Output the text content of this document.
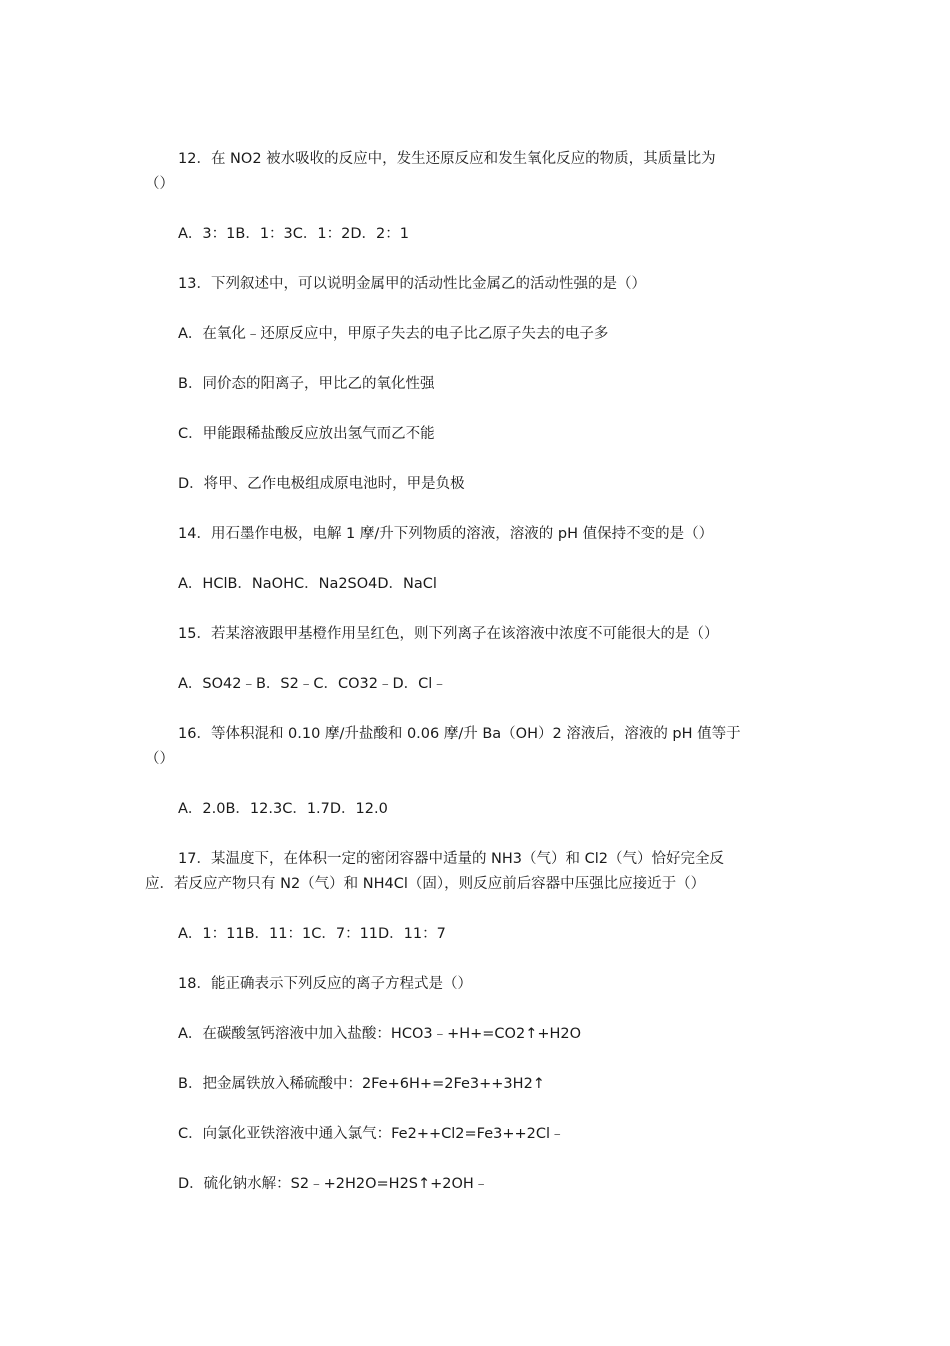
12．在 NO2 被水吸收的反应中，发生还原反应和发生氧化反应的物质，其质量比为
（）
A．3：1B．1：3C．1：2D．2：1
13．下列叙述中，可以说明金属甲的活动性比金属乙的活动性强的是（）
A．在氧化﹣还原反应中，甲原子失去的电子比乙原子失去的电子多
B．同价态的阳离子，甲比乙的氧化性强
C．甲能跟稀盐酸反应放出氢气而乙不能
D．将甲、乙作电极组成原电池时，甲是负极
14．用石墨作电极，电解 1 摩/升下列物质的溶液，溶液的 pH 值保持不变的是（）
A．HClB．NaOHC．Na2SO4D．NaCl
15．若某溶液跟甲基橙作用呈红色，则下列离子在该溶液中浓度不可能很大的是（）
A．SO42﹣B．S2﹣C．CO32﹣D．Cl﹣
16．等体积混和 0.10 摩/升盐酸和 0.06 摩/升 Ba（OH）2 溶液后，溶液的 pH 值等于
（）
A．2.0B．12.3C．1.7D．12.0
17．某温度下，在体积一定的密闭容器中适量的 NH3（气）和 Cl2（气）恰好完全反
应．若反应产物只有 N2（气）和 NH4Cl（固），则反应前后容器中压强比应接近于（）
A．1：11B．11：1C．7：11D．11：7
18．能正确表示下列反应的离子方程式是（）
A．在碳酸氢钙溶液中加入盐酸：HCO3﹣+H+=CO2↑+H2O
B．把金属铁放入稀硫酸中：2Fe+6H+=2Fe3++3H2↑
C．向氯化亚铁溶液中通入氯气：Fe2++Cl2=Fe3++2Cl﹣
D．硫化钠水解：S2﹣+2H2O=H2S↑+2OH﹣
